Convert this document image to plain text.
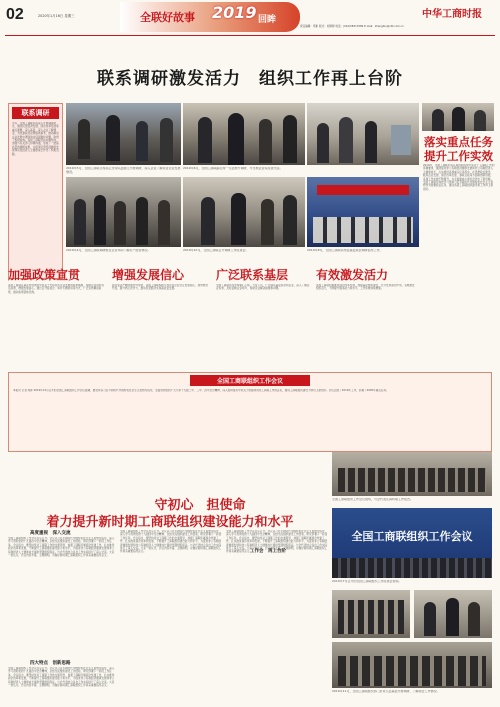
02	2020年1月16日 星期三	全联好故事 2019 回眸	中华工商时报
责任编辑：郑彬 版式：刘婷婷 电话：(010)58317089 E-mail：zhangbin@cbt.com.cn
联系调研激发活力　组织工作再上台阶
联系调研
今年，全国工商联系统深入开展调查研究，围绕民营经济发展、商会改革发展等重点课题，深入基层、深入企业了解情况，为党委政府决策提供参考，推动解决企业发展中遇到的实际困难和问题，取得了积极成效。各级工商联坚持问题导向，加强与有关部门协调沟通，形成了一批高质量的调研成果，为促进民营经济健康发展和民营经济人士健康成长作出了积极贡献。
2019年5月，全国工商联主席高云龙带队赴浙江开展调研，深入企业了解民营企业发展情况。
2019年6月，全国工商联副主席一行赴地方调研，与当地企业家座谈交流。
2019年4月，全国工商联调研组在企业车间了解生产经营情况。	2019年10月，全国工商联召开调研工作座谈会。	2019年8月，全国工商联领导赴基层商会调研指导工作。
落实重点任务
提升工作实效
2019年，全国工商联系统认真贯彻落实中央关于工商联工作的部署要求，围绕促进非公有制经济健康发展和非公有制经济人士健康成长，扎实推进各项重点任务落实，在思想政治建设、服务企业发展、商会改革发展、参政议政等方面取得新进展，各项工作实效不断提升，为全面建成小康社会作出了新贡献。全国工商联坚持把学习贯彻习近平新时代中国特色社会主义思想作为首要政治任务，推动各级工商联组织建设和工作再上新台阶。
加强政策宣贯	增强发展信心	广泛联系基层 有效激发活力
各级工商联认真宣传贯彻党中央关于支持民营企业发展的政策措施，帮助企业用好用足政策，增强发展信心。通过召开座谈会、举办专题培训等方式，广泛宣传解读政策，推动政策落地见效。
面对复杂严峻的国内外形势，各级工商联积极引导民营企业坚定发展信心，加快转型升级，提升核心竞争力，推动民营经济实现高质量发展。
全国工商联系统坚持重心下移、力量下沉，广泛联系基层商会和企业，深入了解企业诉求，及时反映企业呼声，帮助企业解决困难和问题。
各级工商联积极推进商会改革发展，加强基层组织建设，充分发挥商会作用，有效激发组织活力，不断提升服务能力和水平，工作实效持续增强。
全国工商联组织工作会议
本报讯 记者 郑彬 2019年12月召开的全国工商联组织工作会议强调，要坚持以习近平新时代中国特色社会主义思想为指导，全面贯彻党的十九大和十九届二中、三中、四中全会精神，深入贯彻落实中央关于加强和改进工商联工作的意见，推动工商联组织建设不断迈上新台阶。会议总结了2019年工作，部署了2020年重点任务。
守初心　担使命
着力提升新时期工商联组织建设能力和水平
高度重视　深入交流
全国工商联组织工作会议在京召开。会议以习近平新时代中国特色社会主义思想为指导，深入学习贯彻党的十九届四中全会精神，总结交流组织建设工作经验，研究部署下一阶段工作任务。会议指出，要坚持党对工商联工作的全面领导，加强工商联所属商会党建工作，扎实推进商会改革和发展，不断提升工商联组织建设能力和水平，为促进非公有制经济健康发展和非公有制经济人士健康成长提供坚强组织保证。与会代表结合各自工作实际进行了深入交流。大家一致认为，会议内容丰富、主题鲜明，对做好新时期工商联组织工作具有重要指导意义。
四大特点　创新思路
全国工商联组织工作会议在京召开。会议以习近平新时代中国特色社会主义思想为指导，深入学习贯彻党的十九届四中全会精神，总结交流组织建设工作经验，研究部署下一阶段工作任务。会议指出，要坚持党对工商联工作的全面领导，加强工商联所属商会党建工作，扎实推进商会改革和发展，不断提升工商联组织建设能力和水平，为促进非公有制经济健康发展和非公有制经济人士健康成长提供坚强组织保证。与会代表结合各自工作实际进行了深入交流。大家一致认为，会议内容丰富、主题鲜明，对做好新时期工商联组织工作具有重要指导意义。
全国工商联组织工作会议在京召开。会议以习近平新时代中国特色社会主义思想为指导，深入学习贯彻党的十九届四中全会精神，总结交流组织建设工作经验，研究部署下一阶段工作任务。会议指出，要坚持党对工商联工作的全面领导，加强工商联所属商会党建工作，扎实推进商会改革和发展，不断提升工商联组织建设能力和水平，为促进非公有制经济健康发展和非公有制经济人士健康成长提供坚强组织保证。与会代表结合各自工作实际进行了深入交流。大家一致认为，会议内容丰富、主题鲜明，对做好新时期工商联组织工作具有重要指导意义。	工作会　再上台阶
全国工商联组织工作会议在京召开。会议以习近平新时代中国特色社会主义思想为指导，深入学习贯彻党的十九届四中全会精神，总结交流组织建设工作经验，研究部署下一阶段工作任务。会议指出，要坚持党对工商联工作的全面领导，加强工商联所属商会党建工作，扎实推进商会改革和发展，不断提升工商联组织建设能力和水平，为促进非公有制经济健康发展和非公有制经济人士健康成长提供坚强组织保证。与会代表结合各自工作实际进行了深入交流。大家一致认为，会议内容丰富、主题鲜明，对做好新时期工商联组织工作具有重要指导意义。
全国工商联组织工作会议现场，与会代表认真听取工作报告。
全国工商联组织工作会议
2019年7月召开的全国工商联组织工作座谈会现场。
2019年11月，全国工商联组织部门负责人赴基层开展调研，了解商会工作情况。
